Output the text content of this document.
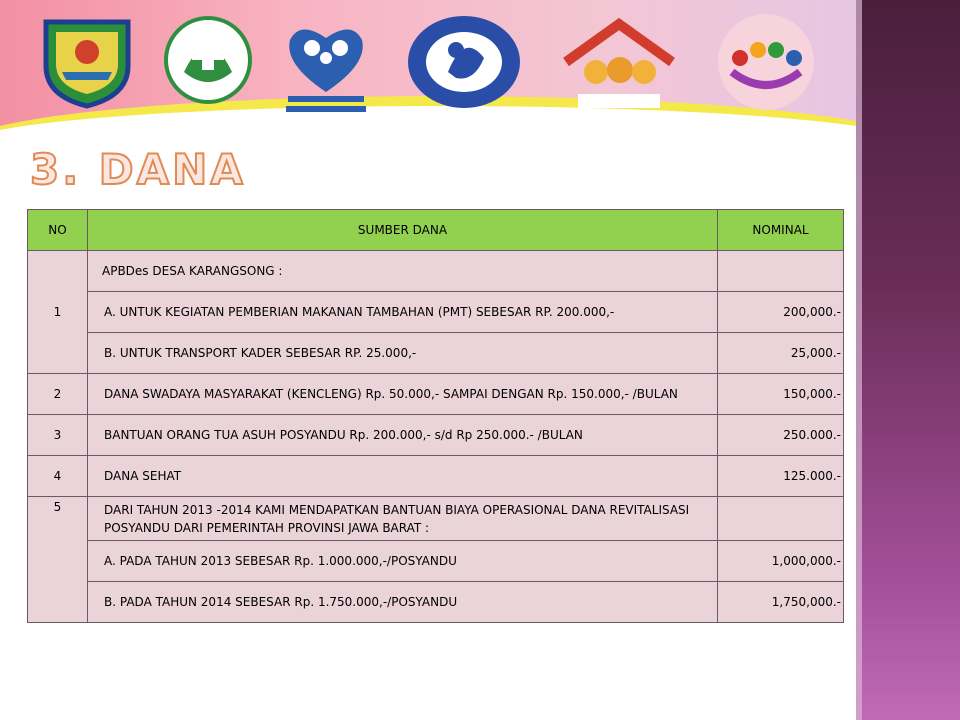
3. DANA
NO	SUMBER DANA	NOMINAL
1	APBDes DESA KARANGSONG :	
	A. UNTUK KEGIATAN PEMBERIAN MAKANAN TAMBAHAN (PMT) SEBESAR RP. 200.000,-	200,000.-
	B. UNTUK TRANSPORT KADER SEBESAR RP. 25.000,-	25,000.-
2	DANA SWADAYA MASYARAKAT (KENCLENG) Rp. 50.000,- SAMPAI DENGAN Rp. 150.000,- /BULAN	150,000.-
3	BANTUAN ORANG TUA ASUH POSYANDU Rp. 200.000,- s/d Rp 250.000.- /BULAN	250.000.-
4	DANA SEHAT	125.000.-
5	DARI TAHUN 2013 -2014 KAMI MENDAPATKAN BANTUAN BIAYA OPERASIONAL DANA REVITALISASI POSYANDU DARI PEMERINTAH PROVINSI JAWA BARAT :	
	A. PADA TAHUN 2013 SEBESAR Rp. 1.000.000,-/POSYANDU	1,000,000.-
	B. PADA TAHUN 2014 SEBESAR Rp. 1.750.000,-/POSYANDU	1,750,000.-
